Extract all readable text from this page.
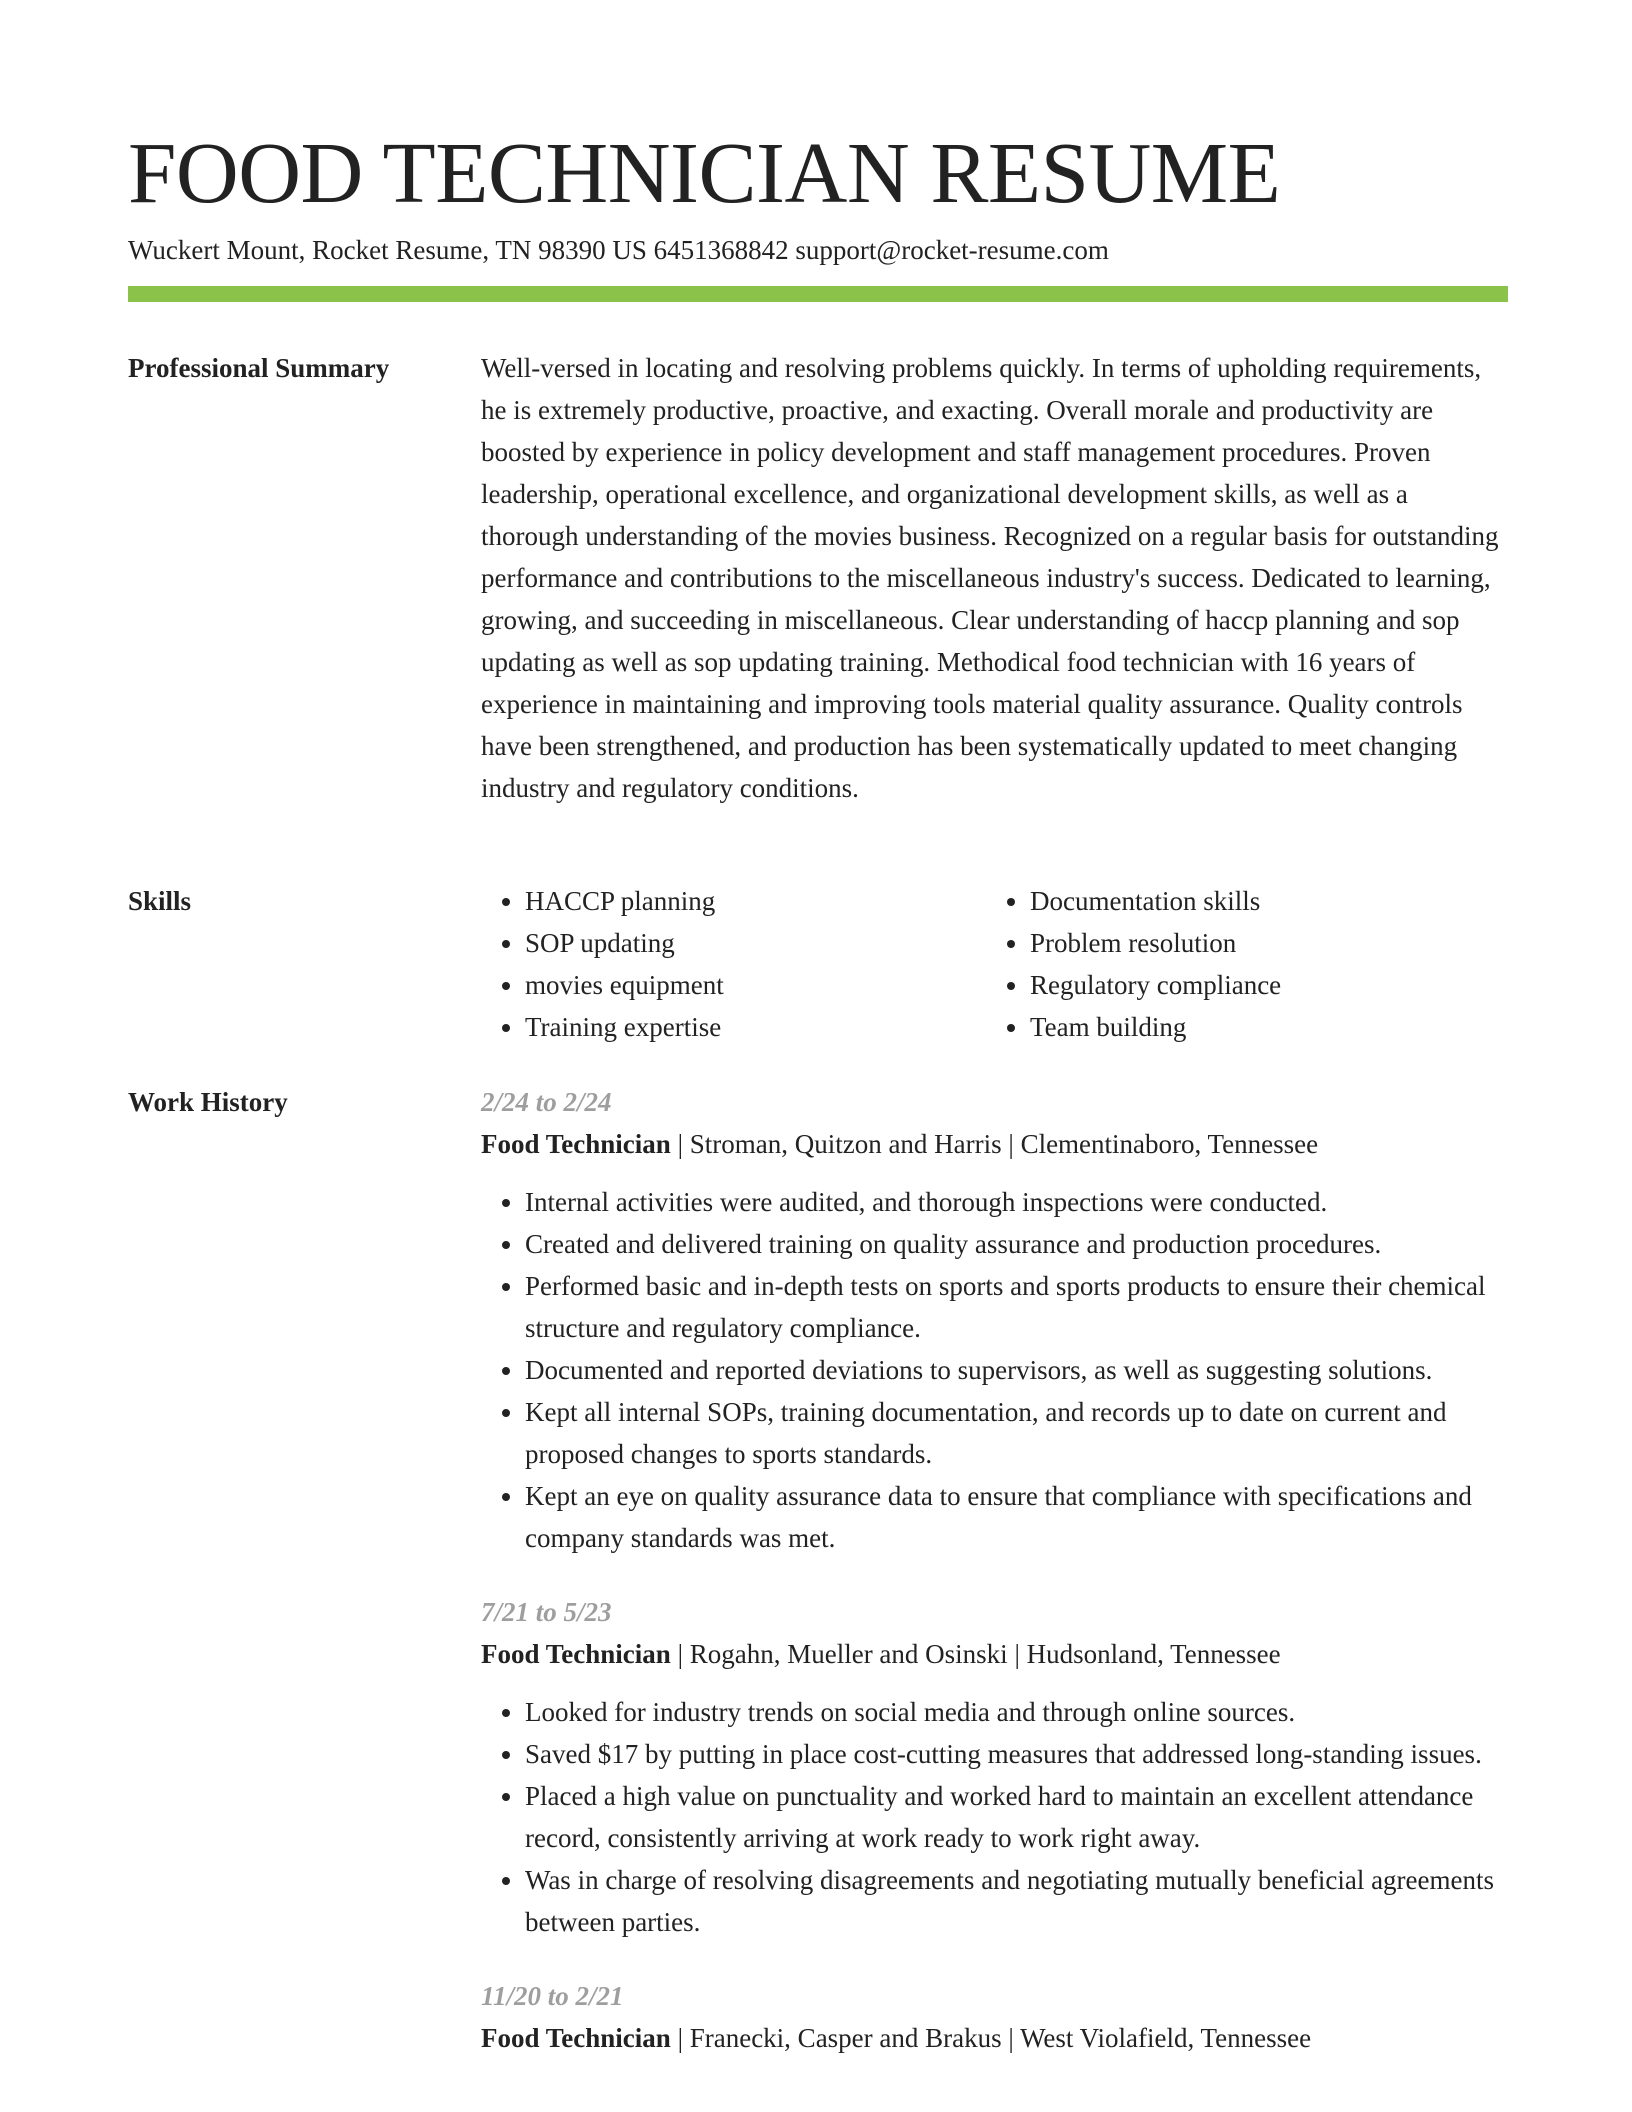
FOOD TECHNICIAN RESUME
Wuckert Mount, Rocket Resume, TN 98390 US 6451368842 support@rocket-resume.com
Professional Summary	Well-versed in locating and resolving problems quickly. In terms of upholding requirements, he is extremely productive, proactive, and exacting. Overall morale and productivity are boosted by experience in policy development and staff management procedures. Proven leadership, operational excellence, and organizational development skills, as well as a thorough understanding of the movies business. Recognized on a regular basis for outstanding performance and contributions to the miscellaneous industry's success. Dedicated to learning, growing, and succeeding in miscellaneous. Clear understanding of haccp planning and sop updating as well as sop updating training. Methodical food technician with 16 years of experience in maintaining and improving tools material quality assurance. Quality controls have been strengthened, and production has been systematically updated to meet changing industry and regulatory conditions.

Skills
•	HACCP planning
• SOP updating
• movies equipment
• Training expertise
• Documentation skills
• Problem resolution
• Regulatory compliance
• Team building
Work History	2/24 to 2/24
Food Technician | Stroman, Quitzon and Harris | Clementinaboro, Tennessee
• Internal activities were audited, and thorough inspections were conducted.
• Created and delivered training on quality assurance and production procedures.
• Performed basic and in-depth tests on sports and sports products to ensure their chemical structure and regulatory compliance.
• Documented and reported deviations to supervisors, as well as suggesting solutions.
• Kept all internal SOPs, training documentation, and records up to date on current and proposed changes to sports standards.
• Kept an eye on quality assurance data to ensure that compliance with specifications and company standards was met.
7/21 to 5/23
Food Technician | Rogahn, Mueller and Osinski | Hudsonland, Tennessee
• Looked for industry trends on social media and through online sources.
• Saved $17 by putting in place cost-cutting measures that addressed long-standing issues.
• Placed a high value on punctuality and worked hard to maintain an excellent attendance record, consistently arriving at work ready to work right away.
• Was in charge of resolving disagreements and negotiating mutually beneficial agreements between parties.
11/20 to 2/21
Food Technician | Franecki, Casper and Brakus | West Violafield, Tennessee
